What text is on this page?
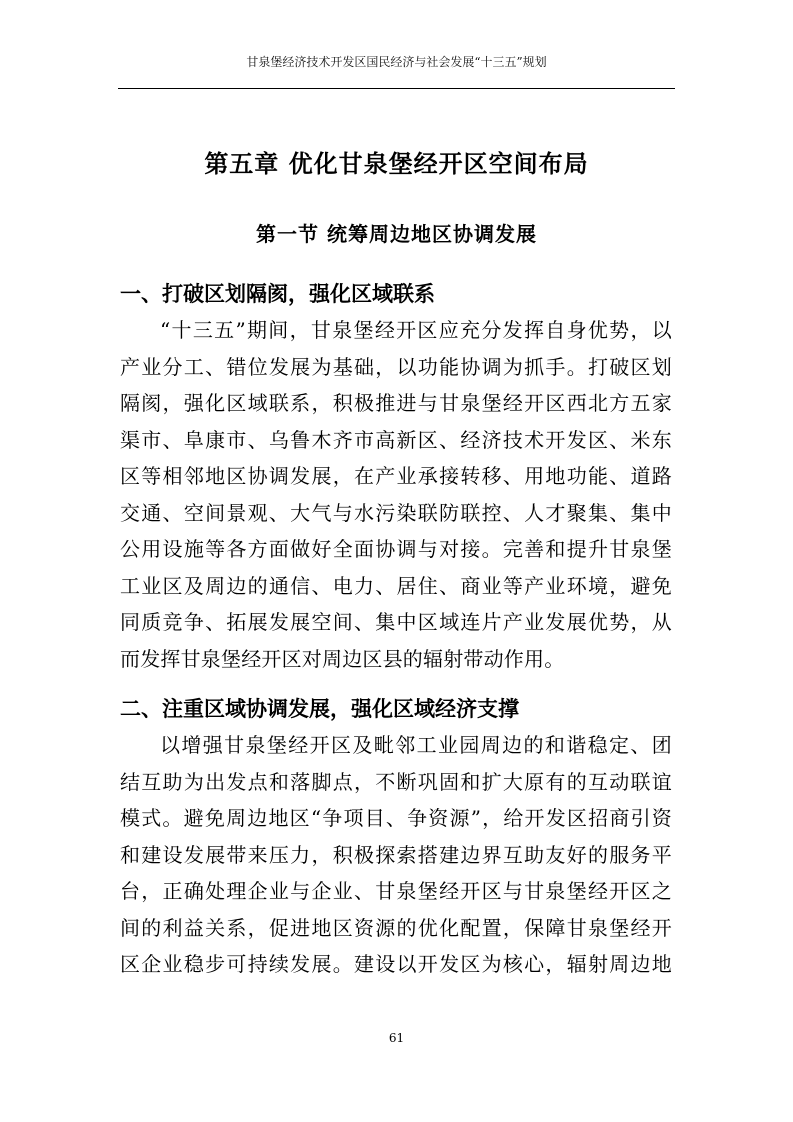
甘泉堡经济技术开发区国民经济与社会发展“十三五”规划
第五章 优化甘泉堡经开区空间布局
第一节 统筹周边地区协调发展
一、打破区划隔阂，强化区域联系

“十三五”期间，甘泉堡经开区应充分发挥自身优势，以

产业分工、错位发展为基础，以功能协调为抓手。打破区划

隔阂，强化区域联系，积极推进与甘泉堡经开区西北方五家

渠市、阜康市、乌鲁木齐市高新区、经济技术开发区、米东

区等相邻地区协调发展，在产业承接转移、用地功能、道路

交通、空间景观、大气与水污染联防联控、人才聚集、集中

公用设施等各方面做好全面协调与对接。完善和提升甘泉堡

工业区及周边的通信、电力、居住、商业等产业环境，避免

同质竞争、拓展发展空间、集中区域连片产业发展优势，从

而发挥甘泉堡经开区对周边区县的辐射带动作用。

二、注重区域协调发展，强化区域经济支撑

以增强甘泉堡经开区及毗邻工业园周边的和谐稳定、团

结互助为出发点和落脚点，不断巩固和扩大原有的互动联谊

模式。避免周边地区“争项目、争资源”，给开发区招商引资

和建设发展带来压力，积极探索搭建边界互助友好的服务平

台，正确处理企业与企业、甘泉堡经开区与甘泉堡经开区之

间的利益关系，促进地区资源的优化配置，保障甘泉堡经开

区企业稳步可持续发展。建设以开发区为核心，辐射周边地

61
